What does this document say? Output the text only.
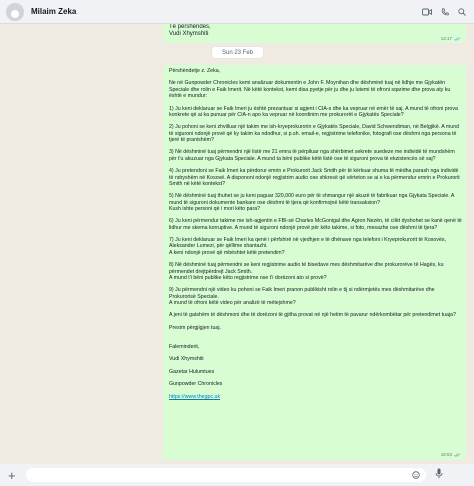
Milaim Zeka
Të përshëndes,
Vudi Xhymshiti
13:17
Sun 23 Feb
Përshëndetje z. Zeka,
Ne në Gunpowder Chronicles kemi analizuar dokumentin e John F. Moynihan dhe dëshminë tuaj në lidhje me Gjykatën Speciale dhe rolin e Faik Imerit. Në këtë kontekst, kemi disa pyetje për ju dhe ju lutemi të ofroni sqarime dhe prova aty ku është e mundur:
1) Ju keni deklaruar se Faik Imeri ju është prezantuar si agjent i CIA-s dhe ka vepruar në emër të saj. A mund të ofroni prova konkrete që ai ka punuar për CIA-n apo ka vepruar në koordinim me prokurorët e Gjykatës Speciale?
2) Ju pohoni se keni zhvilluar një takim me ish-kryeprokurorin e Gjykatës Speciale, David Schwendiman, në Belgjikë. A mund të siguroni ndonjë provë që ky takim ka ndodhur, si p.sh. email-e, regjistrime telefonike, fotografi ose dëshmi nga persona të tjerë të pranishëm?
3) Në dëshminë tuaj përmendni një listë me 21 emra të përpiluar nga shërbimet sekrete suedeze me individë të mundshëm për t'u akuzuar nga Gjykata Speciale. A mund ta bëni publike këtë listë ose të siguroni prova të ekzistencës së saj?
4) Ju pretendoni se Faik Imeri ka përdorur emrin e Prokurorit Jack Smith për të kërkuar shuma të mëdha parash nga individë të ndryshëm në Kosovë. A dispononi ndonjë regjistrim audio ose shkresë që vërteton se ai e ka përmendur emrin e Prokurorit Smith në këtë kontekst?
5) Në dëshminë tuaj thuhet se ju keni paguar 320,000 euro për të shmangur një akuzë të fabrikuar nga Gjykata Speciale. A mund të siguroni dokumente bankare ose dëshmi të tjera që konfirmojnë këtë transaksion?
Kush ishte personi që i mori këto para?
6) Ju keni përmendur takime me ish-agjentin e FBI-së Charles McGonigal dhe Agron Nezën, të cilët dyshohet se kanë qenë të lidhur me skema korruptive. A mund të siguroni ndonjë provë për këto takime, si foto, mesazhe ose dëshmi të tjera?
7) Ju keni deklaruar se Faik Imeri ka qenë i përfshirë në vjedhjen e të dhënave nga telefoni i Kryeprokurorit të Kosovës, Aleksander Lumezi, për qëllime shantazhi.
A keni ndonjë provë që mbështet këtë pretendim?
8) Në dëshminë tuaj përmendni se keni regjistrime audio të bisedave mes dëshmitarëve dhe prokurorëve të Hagës, ku përmendet drejtpërdrejt Jack Smith.
A mund t'i bëni publike këto regjistrime ose t'i dorëzoni ato si provë?
9) Ju përmendni një video ku pohoni se Faik Imeri pranon publikisht rolin e tij si ndërmjetës mes dëshmitarëve dhe Prokurorisë Speciale.
A mund të ofroni këtë video për analizë të mëtejshme?
A jeni të gatshëm të dëshmoni dhe të dorëzoni të gjitha provat në një hetim të pavarur ndërkombëtar për pretendimet tuaja?
Presim përgjigjen tuaj.

Faleminderit,

Vudi Xhymshiti

Gazetar Hulumtues

Gunpowder Chronicles

https://www.thegpc.uk

15:53
+
